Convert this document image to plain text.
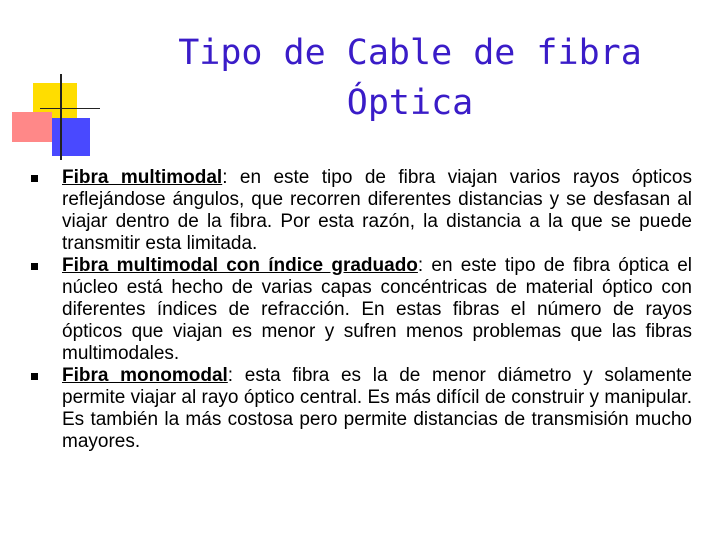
Tipo de Cable de fibra
Óptica

Fibra multimodal: en este tipo de fibra viajan varios rayos ópticos reflejándose ángulos, que recorren diferentes distancias y se desfasan al viajar dentro de la fibra. Por esta razón, la distancia a la que se puede transmitir esta limitada.

Fibra multimodal con índice graduado: en este tipo de fibra óptica el núcleo está hecho de varias capas concéntricas de material óptico con diferentes índices de refracción. En estas fibras el número de rayos ópticos que viajan es menor y sufren menos problemas que las fibras multimodales.

Fibra monomodal: esta fibra es la de menor diámetro y solamente permite viajar al rayo óptico central. Es más difícil de construir y manipular. Es también la más costosa pero permite distancias de transmisión mucho mayores.
